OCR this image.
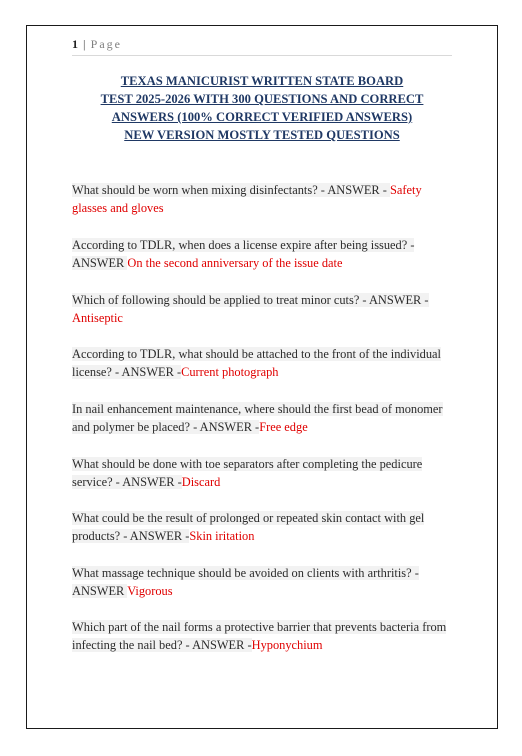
1 | Page
TEXAS MANICURIST WRITTEN STATE BOARD
TEST 2025-2026 WITH 300 QUESTIONS AND CORRECT
ANSWERS (100% CORRECT VERIFIED ANSWERS)
NEW VERSION MOSTLY TESTED QUESTIONS
What should be worn when mixing disinfectants? - ANSWER - Safety glasses and gloves
According to TDLR, when does a license expire after being issued? - ANSWER On the second anniversary of the issue date
Which of following should be applied to treat minor cuts? - ANSWER -Antiseptic
According to TDLR, what should be attached to the front of the individual license? - ANSWER -Current photograph
In nail enhancement maintenance, where should the first bead of monomer and polymer be placed? - ANSWER -Free edge
What should be done with toe separators after completing the pedicure service? - ANSWER -Discard
What could be the result of prolonged or repeated skin contact with gel products? - ANSWER -Skin iritation
What massage technique should be avoided on clients with arthritis? - ANSWER Vigorous
Which part of the nail forms a protective barrier that prevents bacteria from infecting the nail bed? - ANSWER -Hyponychium
